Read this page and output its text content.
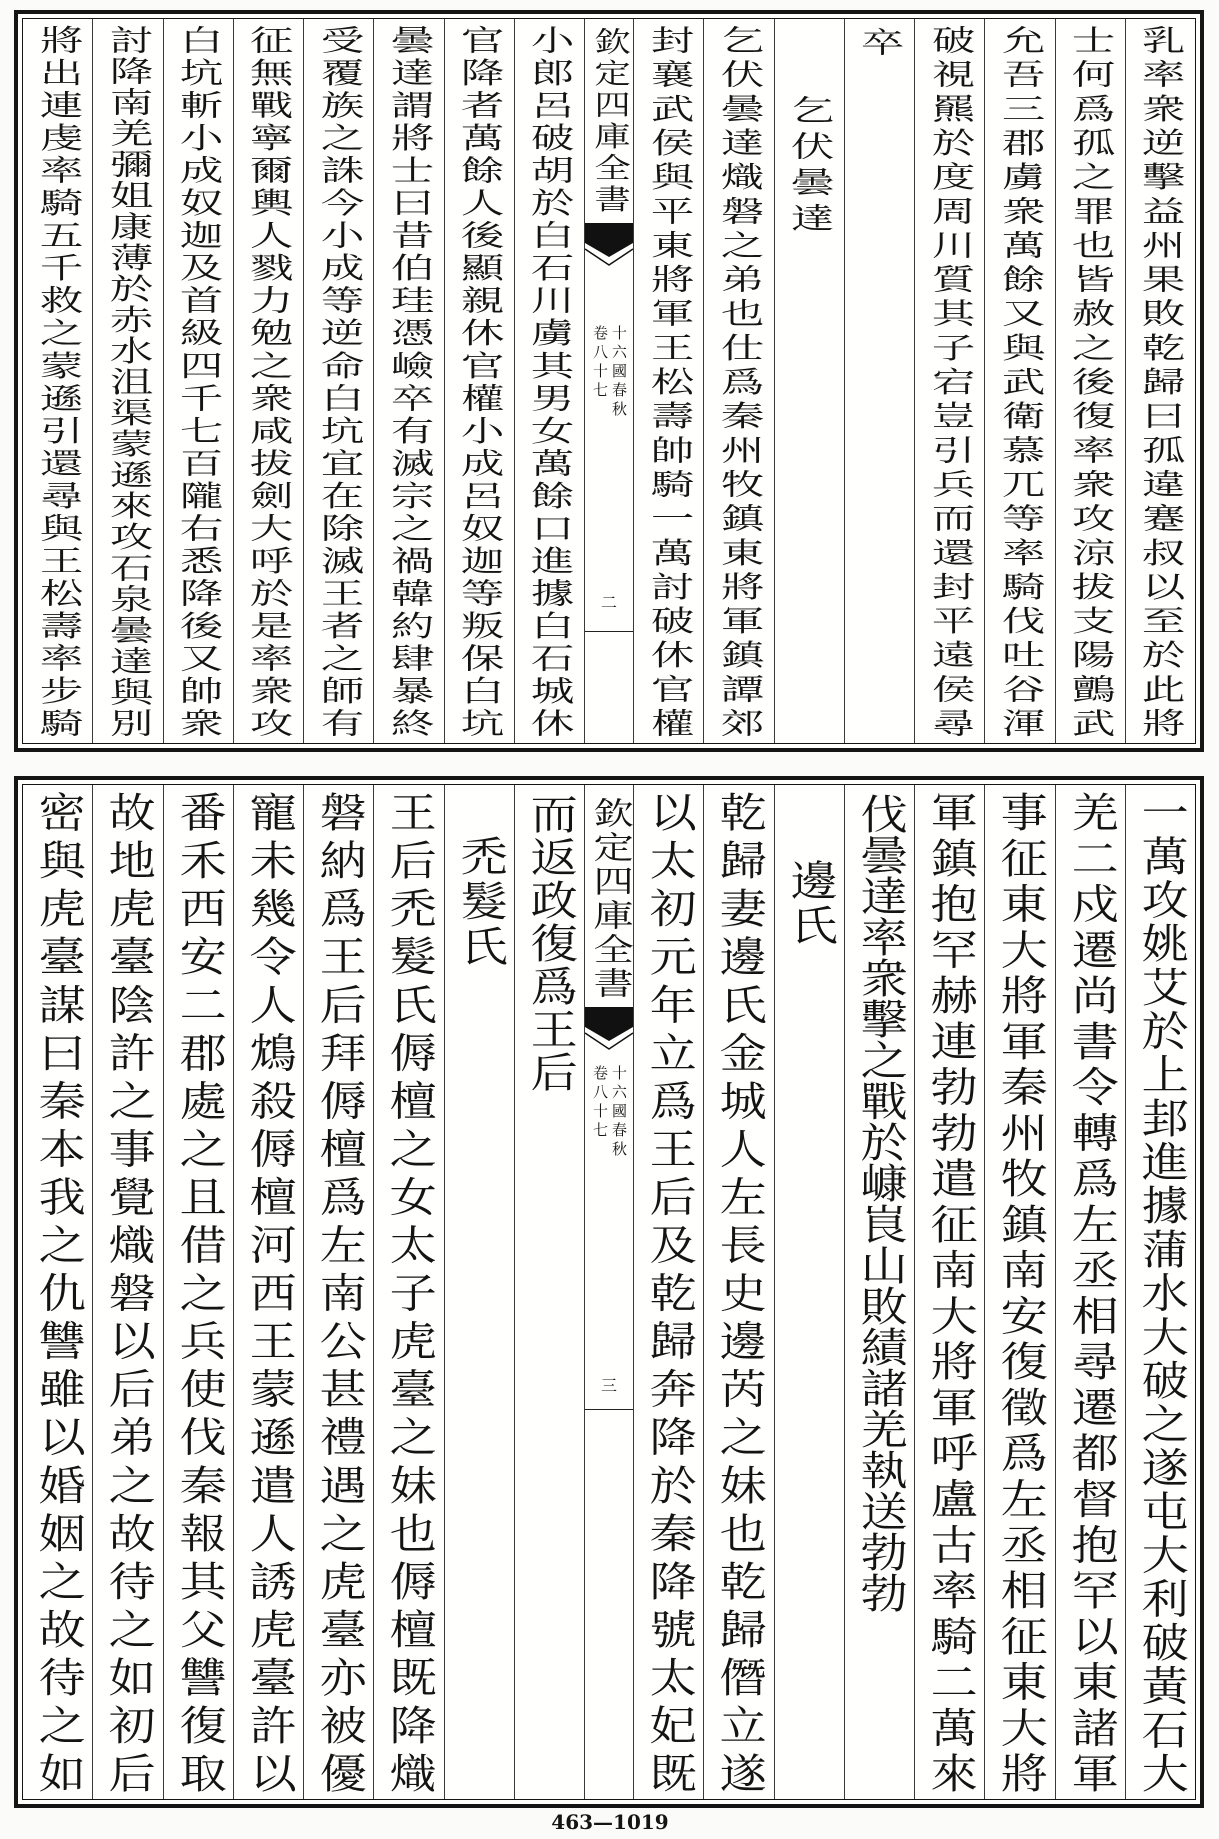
乳率衆逆擊益州果敗乾歸曰孤違蹇叔以至於此將
士何爲孤之罪也皆赦之後復率衆攻涼拔支陽鸇武
允吾三郡虜衆萬餘又與武衛慕兀等率騎伐吐谷渾
破視羆於度周川質其子宕豈引兵而還封平遠侯尋
卒
乞伏曇達
乞伏曇達熾磐之弟也仕爲秦州牧鎮東將軍鎮譚郊
封襄武侯與平東將軍王松壽帥騎一萬討破休官權
欽定四庫全書
十六國春秋
卷八十七
二
小郎呂破胡於白石川虜其男女萬餘口進據白石城休
官降者萬餘人後顯親休官權小成呂奴迦等叛保白坑
曇達謂將士曰昔伯珪憑嶮卒有滅宗之禍韓約肆暴終
受覆族之誅今小成等逆命白坑宜在除滅王者之師有
征無戰寧爾輿人戮力勉之衆咸拔劍大呼於是率衆攻
白坑斬小成奴迦及首級四千七百隴右悉降後又帥衆
討降南羌彌姐康薄於赤水沮渠蒙遜來攻石泉曇達與別
將出連虔率騎五千救之蒙遜引還尋與王松壽率步騎
一萬攻姚艾於上邽進據蒲水大破之遂屯大利破黃石大
羌二戍遷尚書令轉爲左丞相尋遷都督抱罕以東諸軍
事征東大將軍秦州牧鎮南安復徵爲左丞相征東大將
軍鎮抱罕赫連勃勃遣征南大將軍呼盧古率騎二萬來
伐曇達率衆擊之戰於嵻峎山敗績諸羌執送勃勃
邊氏
乾歸妻邊氏金城人左長史邊芮之妹也乾歸僭立遂
以太初元年立爲王后及乾歸奔降於秦降號太妃既
欽定四庫全書
十六國春秋
卷八十七
三
而返政復爲王后
禿髮氏
王后禿髮氏傉檀之女太子虎臺之妹也傉檀既降熾
磐納爲王后拜傉檀爲左南公甚禮遇之虎臺亦被優
寵未幾令人鴆殺傉檀河西王蒙遜遣人誘虎臺許以
番禾西安二郡處之且借之兵使伐秦報其父讐復取
故地虎臺陰許之事覺熾磐以后弟之故待之如初后
密與虎臺謀曰秦本我之仇讐雖以婚姻之故待之如
463—1019
